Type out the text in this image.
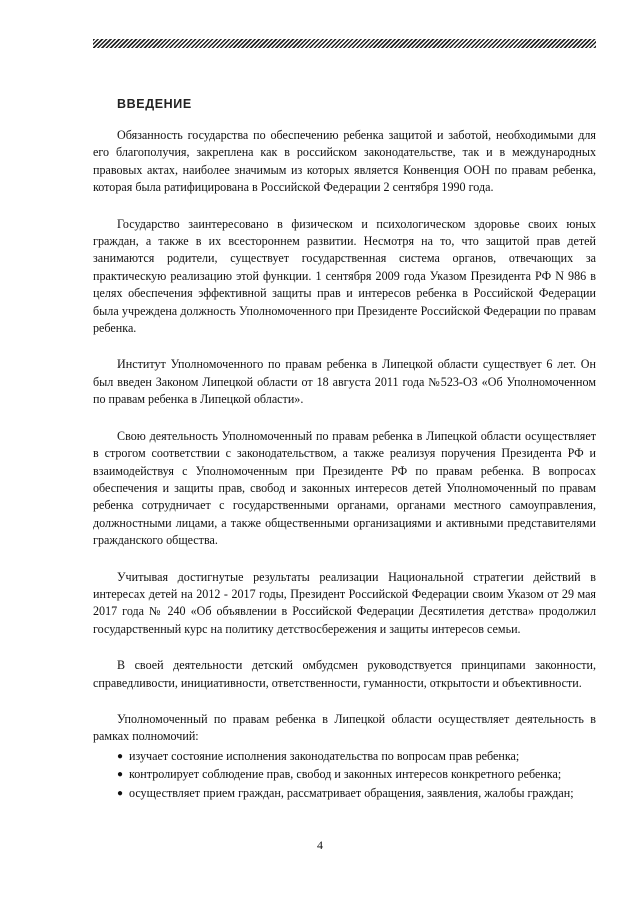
ВВЕДЕНИЕ

Обязанность государства по обеспечению ребенка защитой и заботой, необходимыми для его благополучия, закреплена как в российском законодательстве, так и в международных правовых актах, наиболее значимым из которых является Конвенция ООН по правам ребенка, которая была ратифицирована в Российской Федерации 2 сентября 1990 года.

Государство заинтересовано в физическом и психологическом здоровье своих юных граждан, а также в их всестороннем развитии. Несмотря на то, что защитой прав детей занимаются родители, существует государственная система органов, отвечающих за практическую реализацию этой функции. 1 сентября 2009 года Указом Президента РФ N 986 в целях обеспечения эффективной защиты прав и интересов ребенка в Российской Федерации была учреждена должность Уполномоченного при Президенте Российской Федерации по правам ребенка.

Институт Уполномоченного по правам ребенка в Липецкой области существует 6 лет. Он был введен Законом Липецкой области от 18 августа 2011 года №523-ОЗ «Об Уполномоченном по правам ребенка в Липецкой области».

Свою деятельность Уполномоченный по правам ребенка в Липецкой области осуществляет в строгом соответствии с законодательством, а также реализуя поручения Президента РФ и взаимодействуя с Уполномоченным при Президенте РФ по правам ребенка. В вопросах обеспечения и защиты прав, свобод и законных интересов детей Уполномоченный по правам ребенка сотрудничает с государственными органами, органами местного самоуправления, должностными лицами, а также общественными организациями и активными представителями гражданского общества.

Учитывая достигнутые результаты реализации Национальной стратегии действий в интересах детей на 2012 - 2017 годы, Президент Российской Федерации своим Указом от 29 мая 2017 года № 240 «Об объявлении в Российской Федерации Десятилетия детства» продолжил государственный курс на политику детствосбережения и защиты интересов семьи.

В своей деятельности детский омбудсмен руководствуется принципами законности, справедливости, инициативности, ответственности, гуманности, открытости и объективности.

Уполномоченный по правам ребенка в Липецкой области осуществляет деятельность в рамках полномочий:

● изучает состояние исполнения законодательства по вопросам прав ребенка;
● контролирует соблюдение прав, свобод и законных интересов конкретного ребенка;
● осуществляет прием граждан, рассматривает обращения, заявления, жалобы граждан;
4
